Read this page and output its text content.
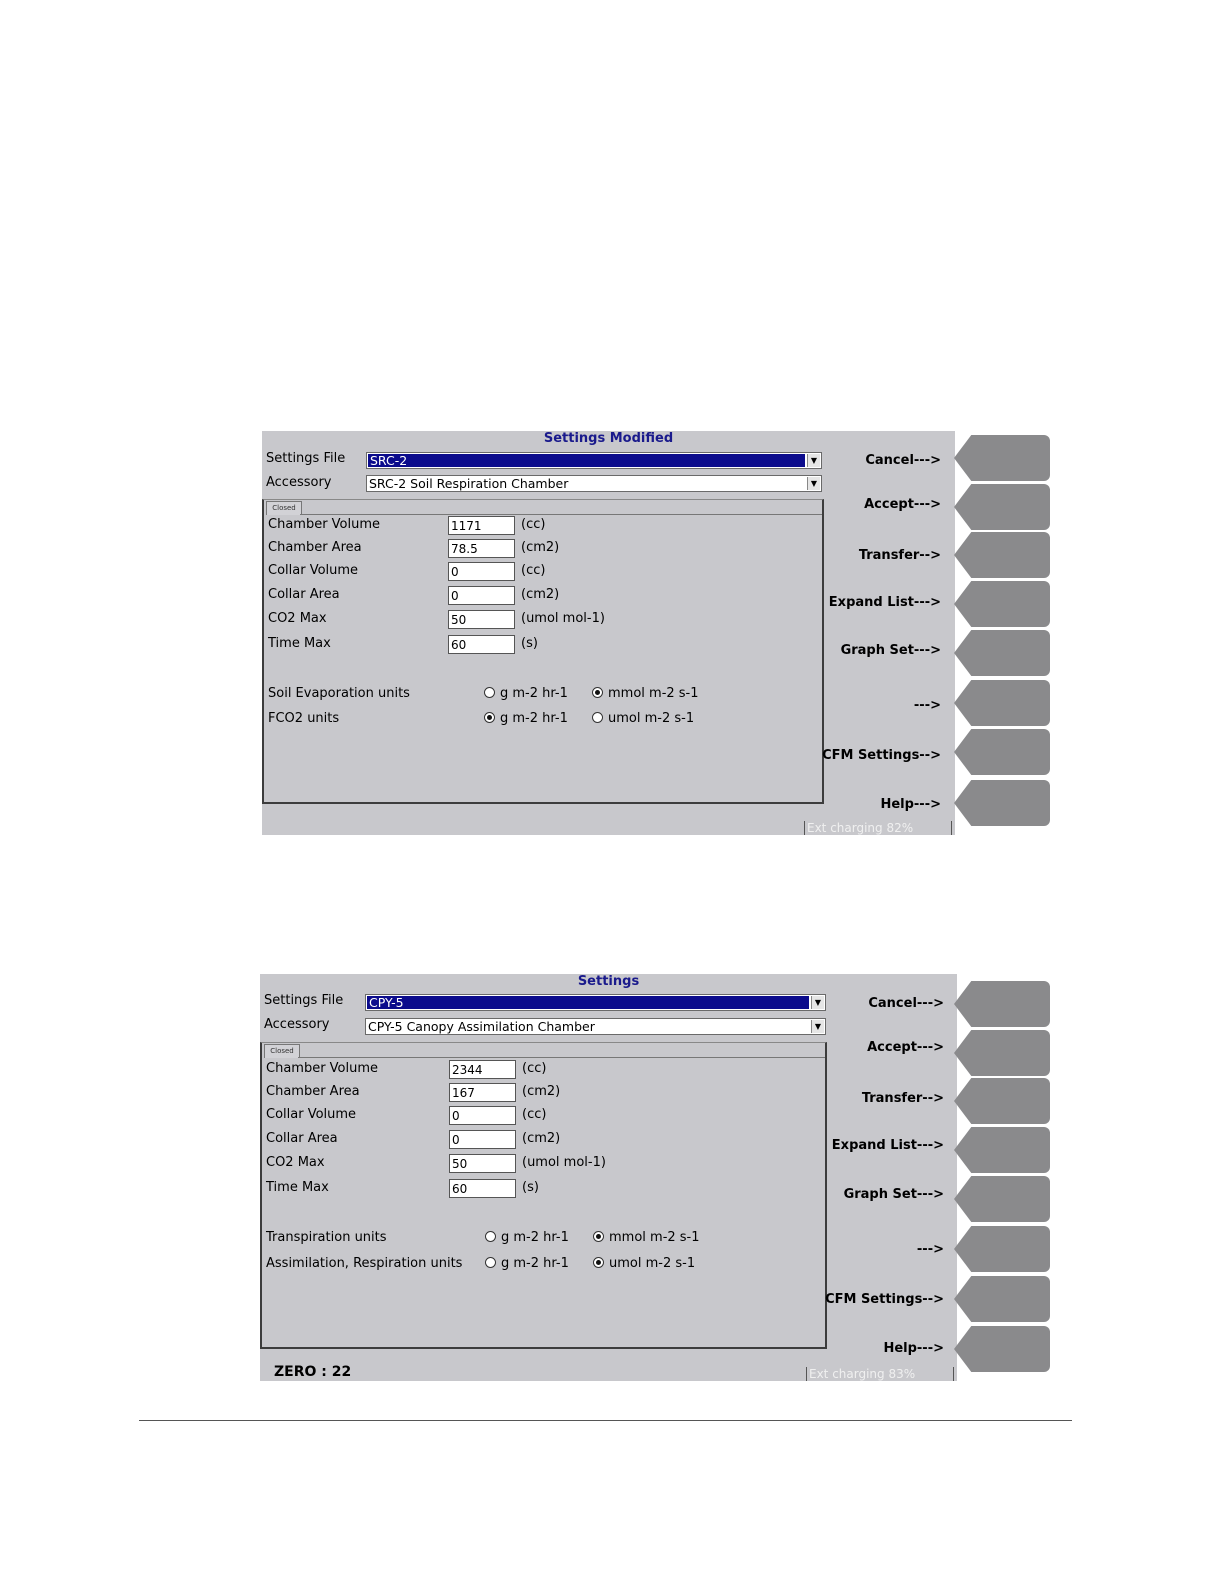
Settings Modified
Settings File SRC-2	▼
Accessory	SRC-2 Soil Respiration Chamber	▼
Closed
Chamber Volume	1171	(cc)
Chamber Area	78.5	(cm2)
Collar Volume	0	(cc)
Collar Area	0	(cm2)
CO2 Max	50	(umol mol-1)
Time Max	60	(s)
Soil Evaporation units	g m-2 hr-1	mmol m-2 s-1
FCO2 units	g m-2 hr-1	umol m-2 s-1
Ext charging 82%
Cancel--->
Accept--->
Transfer-->
Expand List--->
Graph Set--->
--->
CFM Settings-->
Help--->
Settings
Settings File CPY-5	▼
Accessory	CPY-5 Canopy Assimilation Chamber	▼
Closed
Chamber Volume	2344	(cc)
Chamber Area	167	(cm2)
Collar Volume	0	(cc)
Collar Area	0	(cm2)
CO2 Max	50	(umol mol-1)
Time Max	60	(s)
Transpiration units	g m-2 hr-1	mmol m-2 s-1
Assimilation, Respiration units	g m-2 hr-1	umol m-2 s-1
ZERO : 22	Ext charging 83%
Cancel--->
Accept--->
Transfer-->
Expand List--->
Graph Set--->
--->
CFM Settings-->
Help--->
